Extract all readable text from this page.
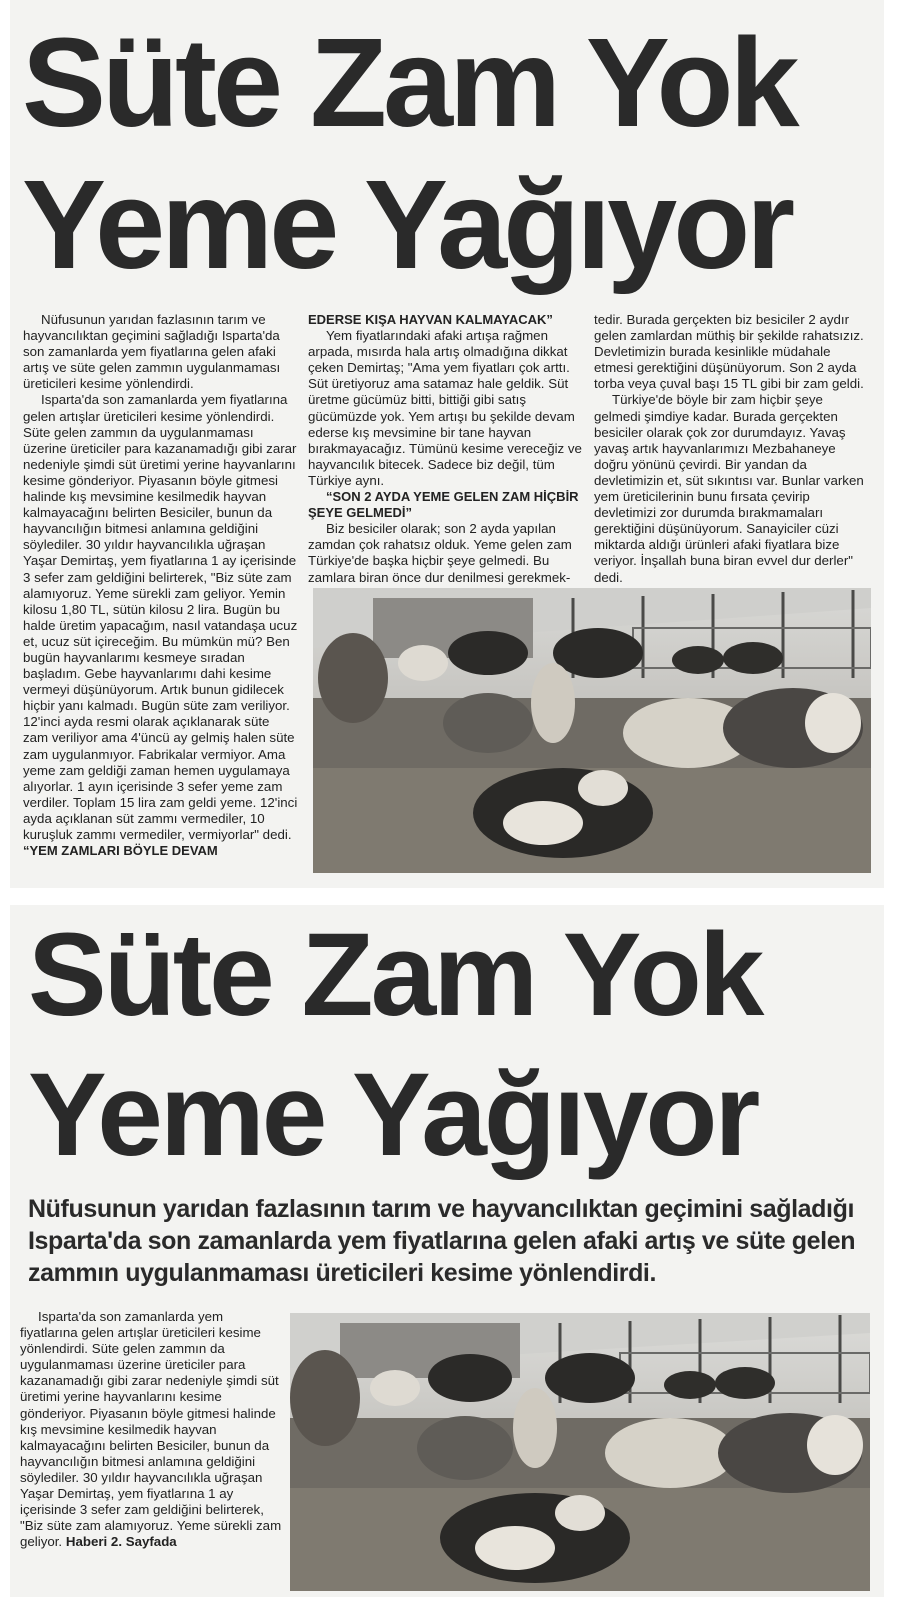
Süte Zam Yok
Yeme Yağıyor

Nüfusunun yarıdan fazlasının tarım ve hayvancılıktan geçimini sağladığı Isparta'da son zamanlarda yem fiyatlarına gelen afaki artış ve süte gelen zammın uygulanmaması üreticileri kesime yönlendirdi.

Isparta'da son zamanlarda yem fiyatlarına gelen artışlar üreticileri kesime yönlendirdi. Süte gelen zammın da uygulanmaması üzerine üreticiler para kazanamadığı gibi zarar nedeniyle şimdi süt üretimi yerine hayvanlarını kesime gönderiyor. Piyasanın böyle gitmesi halinde kış mevsimine kesilmedik hayvan kalmayacağını belirten Besiciler, bunun da hayvancılığın bitmesi anlamına geldiğini söylediler. 30 yıldır hayvancılıkla uğraşan Yaşar Demirtaş, yem fiyatlarına 1 ay içerisinde 3 sefer zam geldiğini belirterek, "Biz süte zam alamıyoruz. Yeme sürekli zam geliyor. Yemin kilosu 1,80 TL, sütün kilosu 2 lira. Bugün bu halde üretim yapacağım, nasıl vatandaşa ucuz et, ucuz süt içireceğim. Bu mümkün mü? Ben bugün hayvanlarımı kesmeye sıradan başladım. Gebe hayvanlarımı dahi kesime vermeyi düşünüyorum. Artık bunun gidilecek hiçbir yanı kalmadı. Bugün süte zam veriliyor. 12'inci ayda resmi olarak açıklanarak süte zam veriliyor ama 4'üncü ay gelmiş halen süte zam uygulanmıyor. Fabrikalar vermiyor. Ama yeme zam geldiği zaman hemen uygulamaya alıyorlar. 1 ayın içerisinde 3 sefer yeme zam verdiler. Toplam 15 lira zam geldi yeme. 12'inci ayda açıklanan süt zammı vermediler, 10 kuruşluk zammı vermediler, vermiyorlar" dedi.

“YEM ZAMLARI BÖYLE DEVAM

EDERSE KIŞA HAYVAN KALMAYACAK”

Yem fiyatlarındaki afaki artışa rağmen arpada, mısırda hala artış olmadığına dikkat çeken Demirtaş; "Ama yem fiyatları çok arttı. Süt üretiyoruz ama satamaz hale geldik. Süt üretme gücümüz bitti, bittiği gibi satış gücümüzde yok. Yem artışı bu şekilde devam ederse kış mevsimine bir tane hayvan bırakmayacağız. Tümünü kesime vereceğiz ve hayvancılık bitecek. Sadece biz değil, tüm Türkiye aynı.

“SON 2 AYDA YEME GELEN ZAM HİÇBİR ŞEYE GELMEDİ”

Biz besiciler olarak; son 2 ayda yapılan zamdan çok rahatsız olduk. Yeme gelen zam Türkiye'de başka hiçbir şeye gelmedi. Bu zamlara biran önce dur denilmesi gerekmek-

tedir. Burada gerçekten biz besiciler 2 aydır gelen zamlardan müthiş bir şekilde rahatsızız. Devletimizin burada kesinlikle müdahale etmesi gerektiğini düşünüyorum. Son 2 ayda torba veya çuval başı 15 TL gibi bir zam geldi.

Türkiye'de böyle bir zam hiçbir şeye gelmedi şimdiye kadar. Burada gerçekten besiciler olarak çok zor durumdayız. Yavaş yavaş artık hayvanlarımızı Mezbahaneye doğru yönünü çevirdi. Bir yandan da devletimizin et, süt sıkıntısı var. Bunlar varken yem üreticilerinin bunu fırsata çevirip devletimizi zor durumda bırakmamaları gerektiğini düşünüyorum. Sanayiciler cüzi miktarda aldığı ürünleri afaki fiyatlara bize veriyor. İnşallah buna biran evvel dur derler" dedi.

Süte Zam Yok
Yeme Yağıyor

Nüfusunun yarıdan fazlasının tarım ve hayvancılıktan geçimini sağladığı Isparta'da son zamanlarda yem fiyatlarına gelen afaki artış ve süte gelen zammın uygulanmaması üreticileri kesime yönlendirdi.

Isparta'da son zamanlarda yem fiyatlarına gelen artışlar üreticileri kesime yönlendirdi. Süte gelen zammın da uygulanmaması üzerine üreticiler para kazanamadığı gibi zarar nedeniyle şimdi süt üretimi yerine hayvanlarını kesime gönderiyor. Piyasanın böyle gitmesi halinde kış mevsimine kesilmedik hayvan kalmayacağını belirten Besiciler, bunun da hayvancılığın bitmesi anlamına geldiğini söylediler. 30 yıldır hayvancılıkla uğraşan Yaşar Demirtaş, yem fiyatlarına 1 ay içerisinde 3 sefer zam geldiğini belirterek, "Biz süte zam alamıyoruz. Yeme sürekli zam geliyor. Haberi 2. Sayfada
